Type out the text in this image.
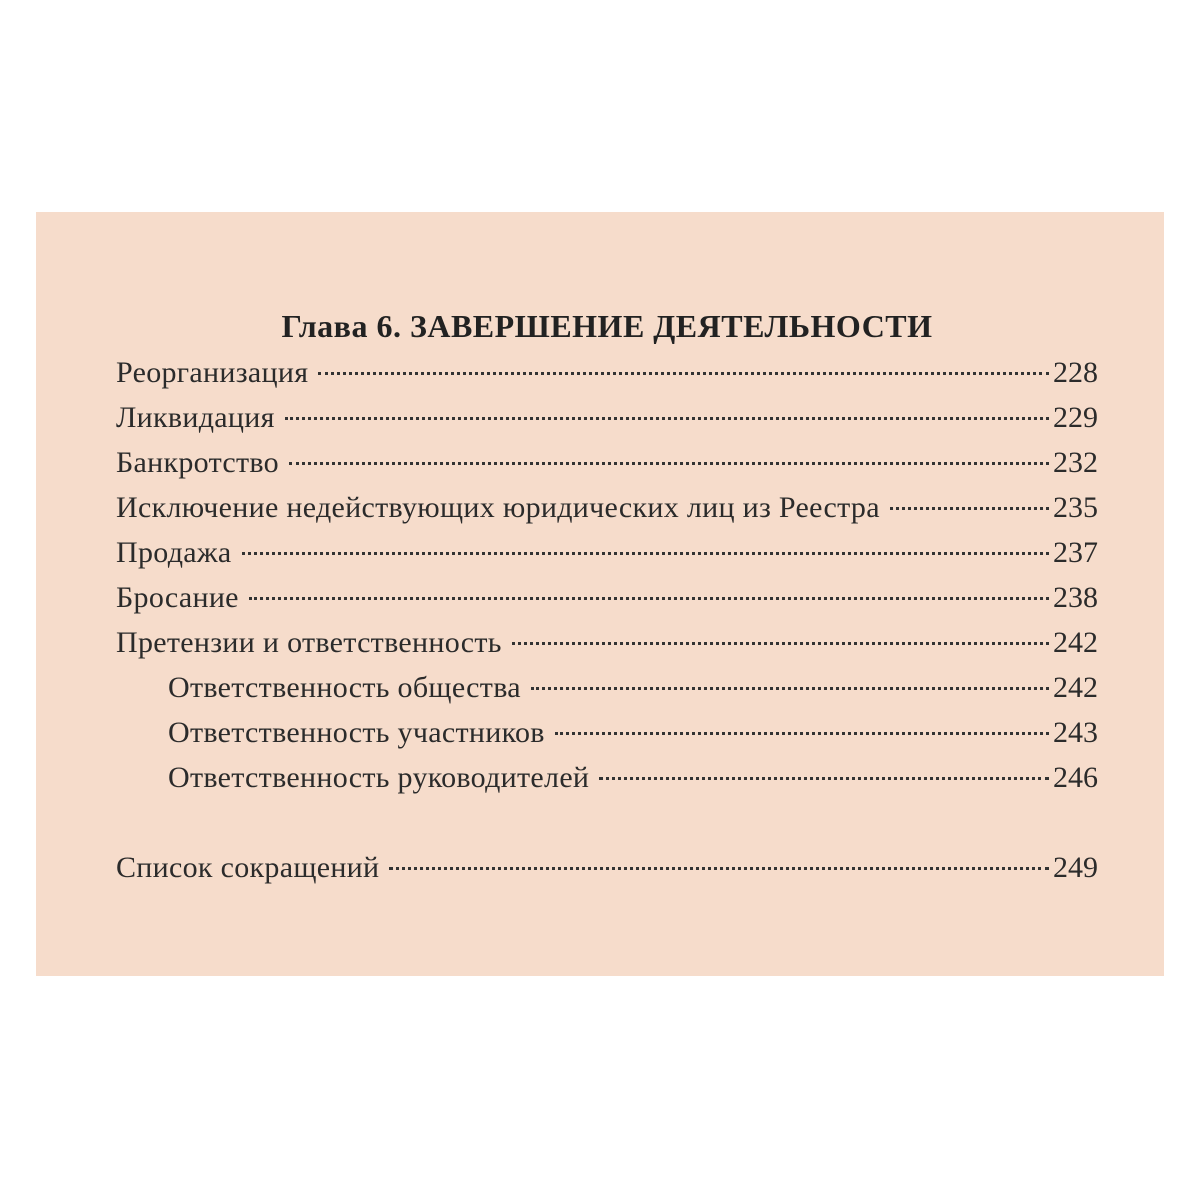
Глава 6. ЗАВЕРШЕНИЕ ДЕЯТЕЛЬНОСТИ
Реорганизация	228
Ликвидация	229
Банкротство	232
Исключение недействующих юридических лиц из Реестра	235
Продажа	237
Бросание	238
Претензии и ответственность	242
Ответственность общества	242
Ответственность участников	243
Ответственность руководителей	246
Список сокращений	249
